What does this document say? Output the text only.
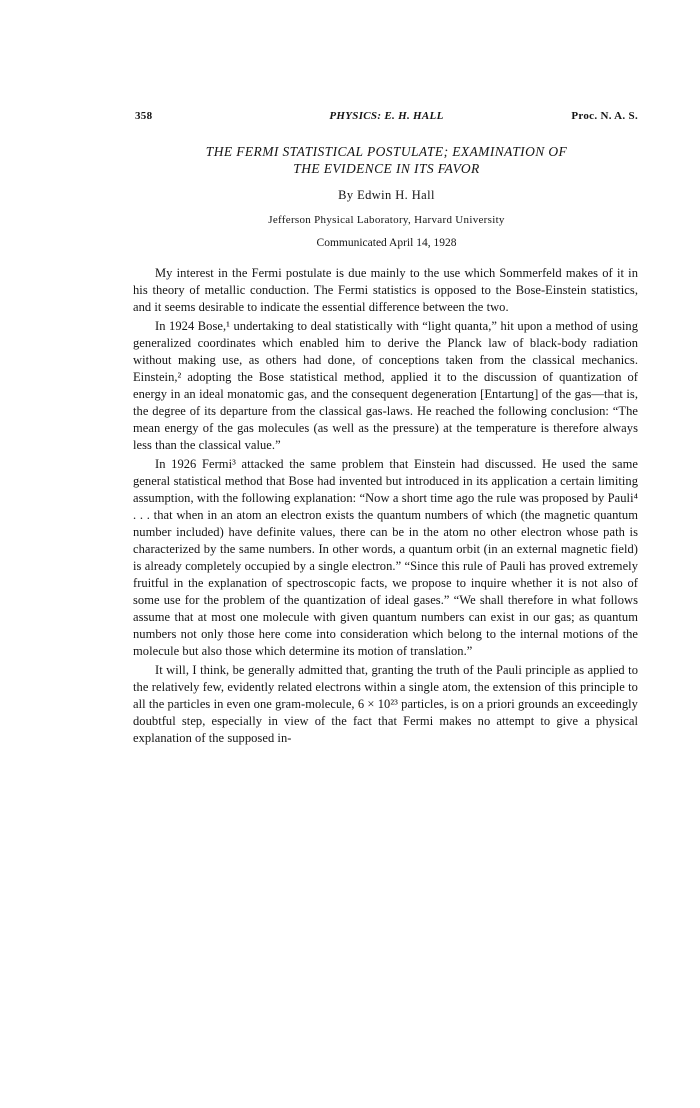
358	PHYSICS: E. H. HALL	Proc. N. A. S.
THE FERMI STATISTICAL POSTULATE; EXAMINATION OF
THE EVIDENCE IN ITS FAVOR
By Edwin H. Hall
Jefferson Physical Laboratory, Harvard University
Communicated April 14, 1928

My interest in the Fermi postulate is due mainly to the use which Sommerfeld makes of it in his theory of metallic conduction. The Fermi statistics is opposed to the Bose-Einstein statistics, and it seems desirable to indicate the essential difference between the two.

In 1924 Bose,¹ undertaking to deal statistically with “light quanta,” hit upon a method of using generalized coordinates which enabled him to derive the Planck law of black-body radiation without making use, as others had done, of conceptions taken from the classical mechanics. Einstein,² adopting the Bose statistical method, applied it to the discussion of quantization of energy in an ideal monatomic gas, and the consequent degeneration [Entartung] of the gas—that is, the degree of its departure from the classical gas-laws. He reached the following conclusion: “The mean energy of the gas molecules (as well as the pressure) at the temperature is therefore always less than the classical value.”

In 1926 Fermi³ attacked the same problem that Einstein had discussed. He used the same general statistical method that Bose had invented but introduced in its application a certain limiting assumption, with the following explanation: “Now a short time ago the rule was proposed by Pauli⁴ . . . that when in an atom an electron exists the quantum numbers of which (the magnetic quantum number included) have definite values, there can be in the atom no other electron whose path is characterized by the same numbers. In other words, a quantum orbit (in an external magnetic field) is already completely occupied by a single electron.” “Since this rule of Pauli has proved extremely fruitful in the explanation of spectroscopic facts, we propose to inquire whether it is not also of some use for the problem of the quantization of ideal gases.” “We shall therefore in what follows assume that at most one molecule with given quantum numbers can exist in our gas; as quantum numbers not only those here come into consideration which belong to the internal motions of the molecule but also those which determine its motion of translation.”

It will, I think, be generally admitted that, granting the truth of the Pauli principle as applied to the relatively few, evidently related electrons within a single atom, the extension of this principle to all the particles in even one gram-molecule, 6 × 10²³ particles, is on a priori grounds an exceedingly doubtful step, especially in view of the fact that Fermi makes no attempt to give a physical explanation of the supposed in-
